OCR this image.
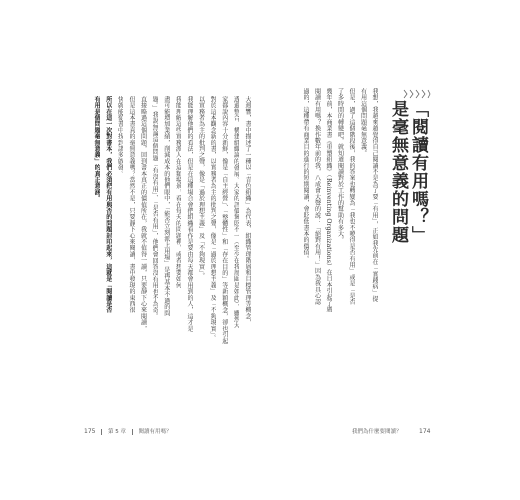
「閱讀有用嗎？」
是毫無意義的問題
我想，我越來越覺得自己閱讀不是為了要「有用」，正如我先前在「實踐病」提
有用這個問題毫無意義。
但是，過了這個階段後，我的答案也轉變為「我也不曉得是否有用」或是「是否
了多時間的轉變吧，就知道閱讀對於工作的幫助有多大。
幾年前，本商業書《重塑組織》（Reinventing Organizations）在日本引起了廣
閱讀有用嗎？換作數年前的我，八成會大聲的說：「絕對有用！」因為我具心認
過的，這種帶有商業目的進行的短期閱讀，會貶低書本的價值。
大迴響，書中描述了一種以「青色組織」為代表、組織管理階層和目標管理等概念，
透過整合、構建組織論的發展。大家的評價褒貶不一（至少在我周圍是如此），雖然大
家都說內容十分新鮮，像是「自主經營」、「整體性」和「存在目的」等新穎概念，卻也引起
對於這本觀念新的書，以實務者為主的批判之聲，像是「過於理想主義」及「不夠現實」。
以實務者為主的批判之聲，像是「過於理想主義」及「不夠現實」。
我能理解他們的看法，但是在這種場合會把組織看作是要由每天都會用到的人，這才是
我能理解這些實務派人在這類場景，看在每天的問題裡，或者想要如何
盡可能增加業績，削減成本的他們眼中，「能否立刻派上用場」是再基本不過的問
題。」我說無論這個問題「有沒有用」、「是否有用」，他們會回答沒有用也不為奇。
直接略過這個問題，回到書本真正的價值所在，我就不值得一讀，只要靜下心來閱讀，
但是這本書真的毫無意義嗎？當然不是，只要靜下心來閱讀，書中發現的東西很
快就能從書中找到諸多啟發。
所以在這一次對書本，我們必須把有用與否的問題封印起來，這就是「閱讀是否
有用是個問題毫無意義」的真正意涵。
175 第 5 章 閱讀有用嗎？	我們為什麼要閱讀？	174
